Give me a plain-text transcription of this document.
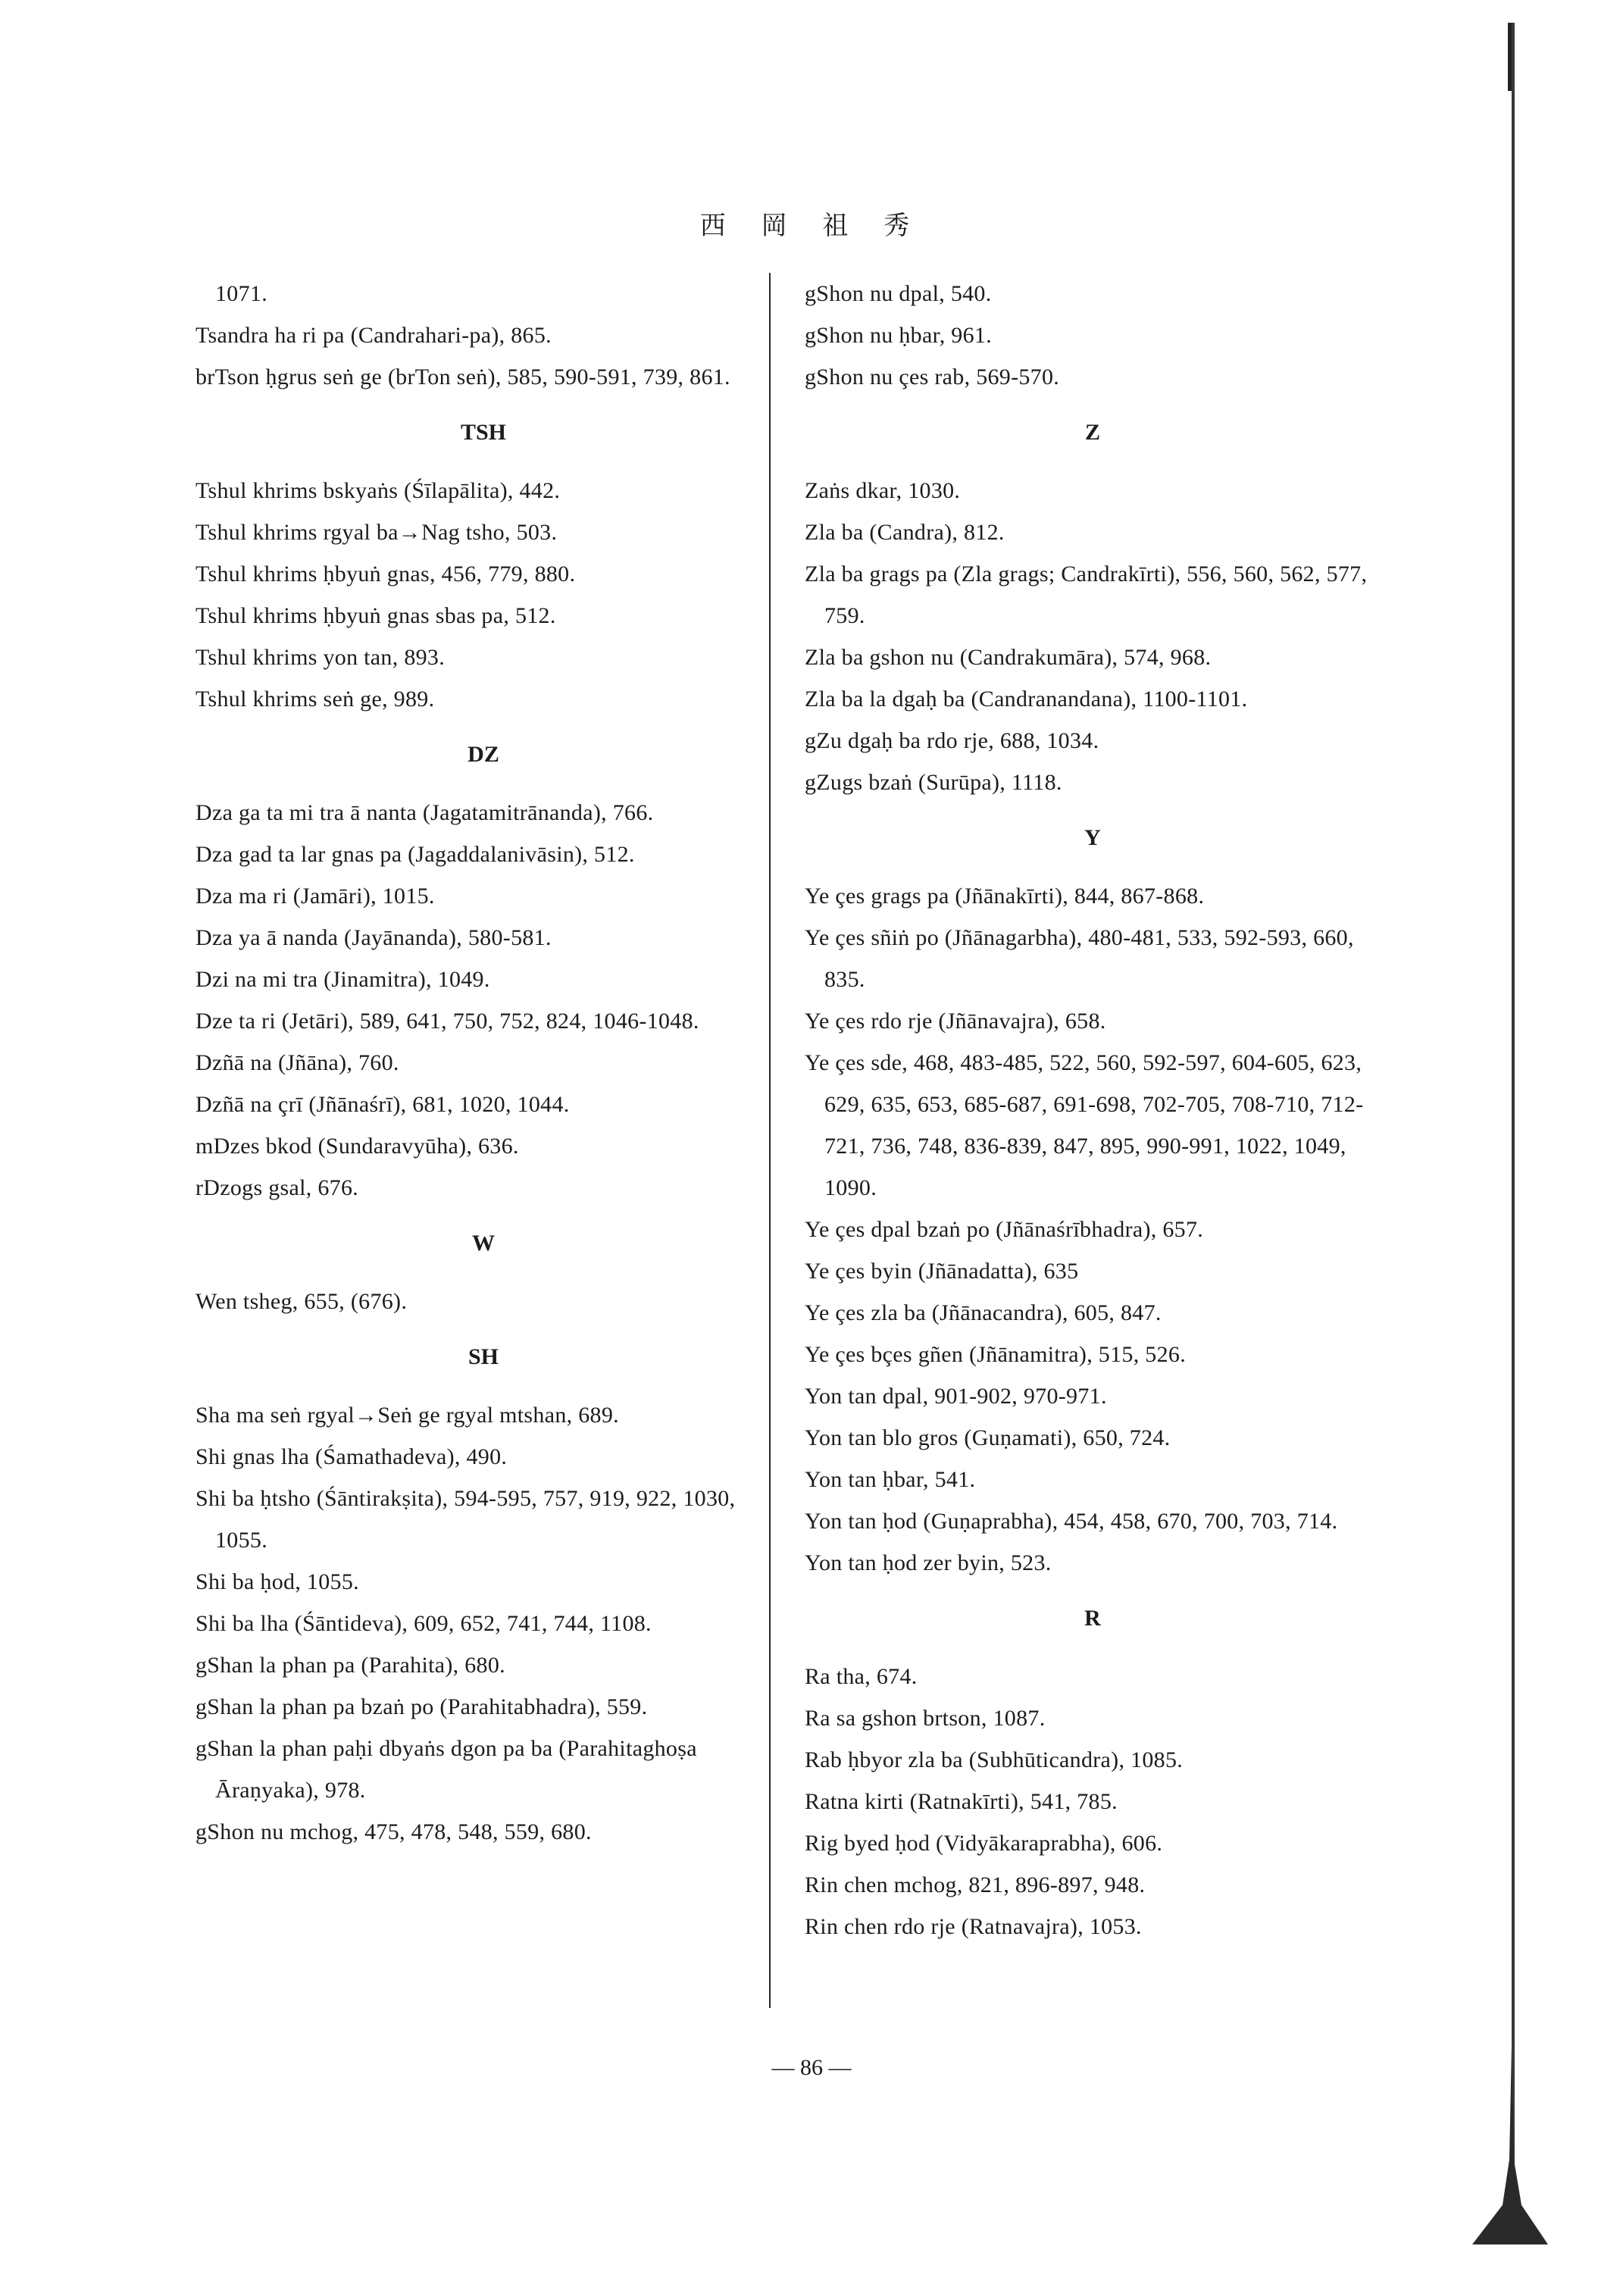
西 岡 祖 秀
1071.
Tsandra ha ri pa (Candrahari-pa), 865.
brTson ḥgrus seṅ ge (brTon seṅ), 585, 590-591, 739, 861.
TSH
Tshul khrims bskyaṅs (Śīlapālita), 442.
Tshul khrims rgyal ba→Nag tsho, 503.
Tshul khrims ḥbyuṅ gnas, 456, 779, 880.
Tshul khrims ḥbyuṅ gnas sbas pa, 512.
Tshul khrims yon tan, 893.
Tshul khrims seṅ ge, 989.
DZ
Dza ga ta mi tra ā nanta (Jagatamitrānanda), 766.
Dza gad ta lar gnas pa (Jagaddalanivāsin), 512.
Dza ma ri (Jamāri), 1015.
Dza ya ā nanda (Jayānanda), 580-581.
Dzi na mi tra (Jinamitra), 1049.
Dze ta ri (Jetāri), 589, 641, 750, 752, 824, 1046-1048.
Dzñā na (Jñāna), 760.
Dzñā na çrī (Jñānaśrī), 681, 1020, 1044.
mDzes bkod (Sundaravyūha), 636.
rDzogs gsal, 676.
W
Wen tsheg, 655, (676).
SH
Sha ma seṅ rgyal→Seṅ ge rgyal mtshan, 689.
Shi gnas lha (Śamathadeva), 490.
Shi ba ḥtsho (Śāntirakṣita), 594-595, 757, 919, 922, 1030, 1055.
Shi ba ḥod, 1055.
Shi ba lha (Śāntideva), 609, 652, 741, 744, 1108.
gShan la phan pa (Parahita), 680.
gShan la phan pa bzaṅ po (Parahitabhadra), 559.
gShan la phan paḥi dbyaṅs dgon pa ba (Parahitaghoṣa Āraṇyaka), 978.
gShon nu mchog, 475, 478, 548, 559, 680.
gShon nu dpal, 540.
gShon nu ḥbar, 961.
gShon nu çes rab, 569-570.
Z
Zaṅs dkar, 1030.
Zla ba (Candra), 812.
Zla ba grags pa (Zla grags; Candrakīrti), 556, 560, 562, 577, 759.
Zla ba gshon nu (Candrakumāra), 574, 968.
Zla ba la dgaḥ ba (Candranandana), 1100-1101.
gZu dgaḥ ba rdo rje, 688, 1034.
gZugs bzaṅ (Surūpa), 1118.
Y
Ye çes grags pa (Jñānakīrti), 844, 867-868.
Ye çes sñiṅ po (Jñānagarbha), 480-481, 533, 592-593, 660, 835.
Ye çes rdo rje (Jñānavajra), 658.
Ye çes sde, 468, 483-485, 522, 560, 592-597, 604-605, 623, 629, 635, 653, 685-687, 691-698, 702-705, 708-710, 712-721, 736, 748, 836-839, 847, 895, 990-991, 1022, 1049, 1090.
Ye çes dpal bzaṅ po (Jñānaśrībhadra), 657.
Ye çes byin (Jñānadatta), 635
Ye çes zla ba (Jñānacandra), 605, 847.
Ye çes bçes gñen (Jñānamitra), 515, 526.
Yon tan dpal, 901-902, 970-971.
Yon tan blo gros (Guṇamati), 650, 724.
Yon tan ḥbar, 541.
Yon tan ḥod (Guṇaprabha), 454, 458, 670, 700, 703, 714.
Yon tan ḥod zer byin, 523.
R
Ra tha, 674.
Ra sa gshon brtson, 1087.
Rab ḥbyor zla ba (Subhūticandra), 1085.
Ratna kirti (Ratnakīrti), 541, 785.
Rig byed ḥod (Vidyākaraprabha), 606.
Rin chen mchog, 821, 896-897, 948.
Rin chen rdo rje (Ratnavajra), 1053.
— 86 —
